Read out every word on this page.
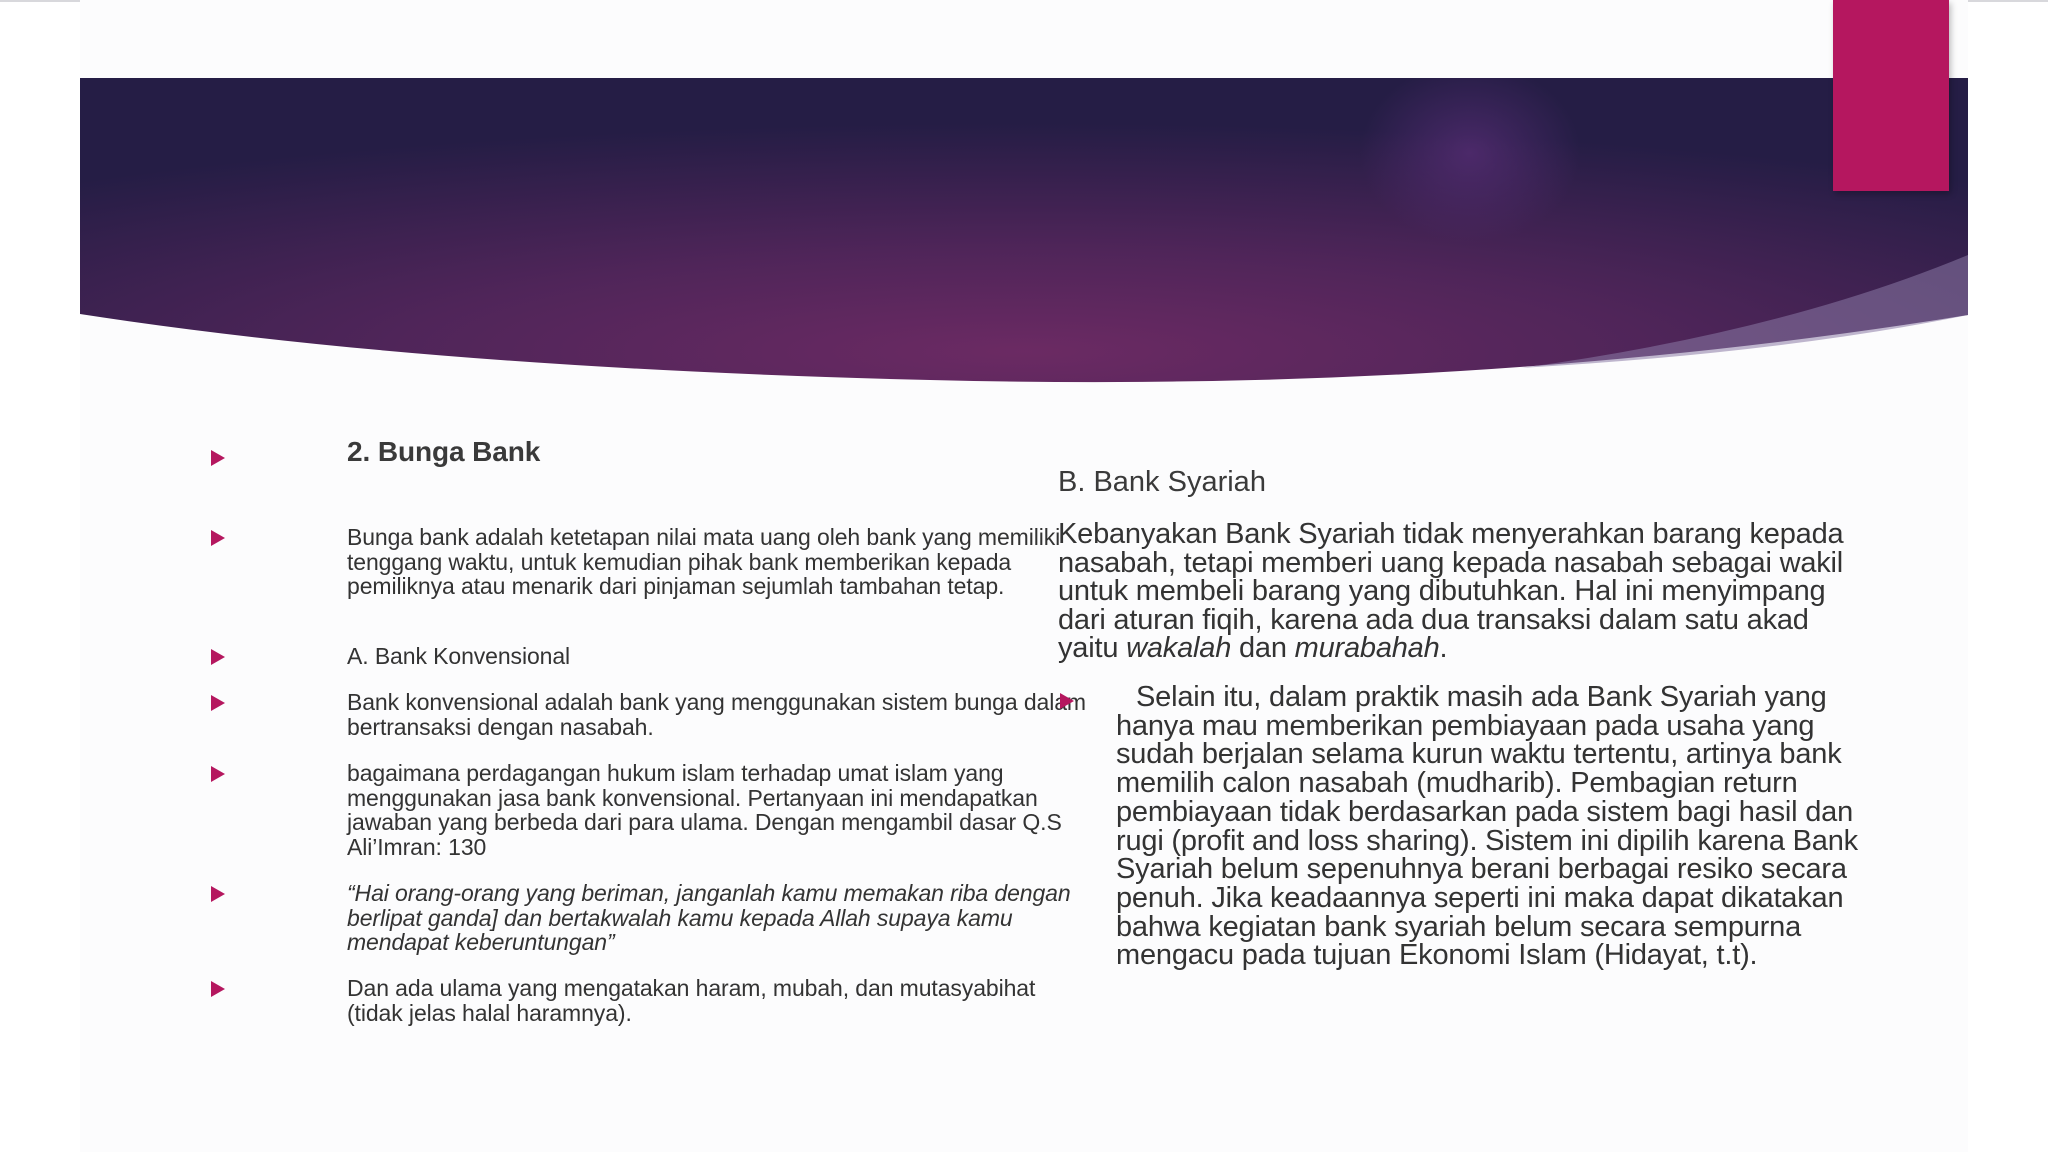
2. Bunga Bank
Bunga bank adalah ketetapan nilai mata uang oleh bank yang memiliki tenggang waktu, untuk kemudian pihak bank memberikan kepada pemiliknya atau menarik dari pinjaman sejumlah tambahan tetap.
A. Bank Konvensional
Bank konvensional adalah bank yang menggunakan sistem bunga dalam bertransaksi dengan nasabah.
bagaimana perdagangan hukum islam terhadap umat islam yang menggunakan jasa bank konvensional. Pertanyaan ini mendapatkan jawaban yang berbeda dari para ulama. Dengan mengambil dasar Q.S Ali’Imran: 130
“Hai orang-orang yang beriman, janganlah kamu memakan riba dengan berlipat ganda] dan bertakwalah kamu kepada Allah supaya kamu mendapat keberuntungan”
Dan ada ulama yang mengatakan haram, mubah, dan mutasyabihat (tidak jelas halal haramnya).
B. Bank Syariah
Kebanyakan Bank Syariah tidak menyerahkan barang kepada nasabah, tetapi memberi uang kepada nasabah sebagai wakil untuk membeli barang yang dibutuhkan. Hal ini menyimpang dari aturan fiqih, karena ada dua transaksi dalam satu akad yaitu wakalah dan murabahah.
Selain itu, dalam praktik masih ada Bank Syariah yang hanya mau memberikan pembiayaan pada usaha yang sudah berjalan selama kurun waktu tertentu, artinya bank memilih calon nasabah (mudharib). Pembagian return pembiayaan tidak berdasarkan pada sistem bagi hasil dan rugi (profit and loss sharing). Sistem ini dipilih karena Bank Syariah belum sepenuhnya berani berbagai resiko secara penuh. Jika keadaannya seperti ini maka dapat dikatakan bahwa kegiatan bank syariah belum secara sempurna mengacu pada tujuan Ekonomi Islam (Hidayat, t.t).
